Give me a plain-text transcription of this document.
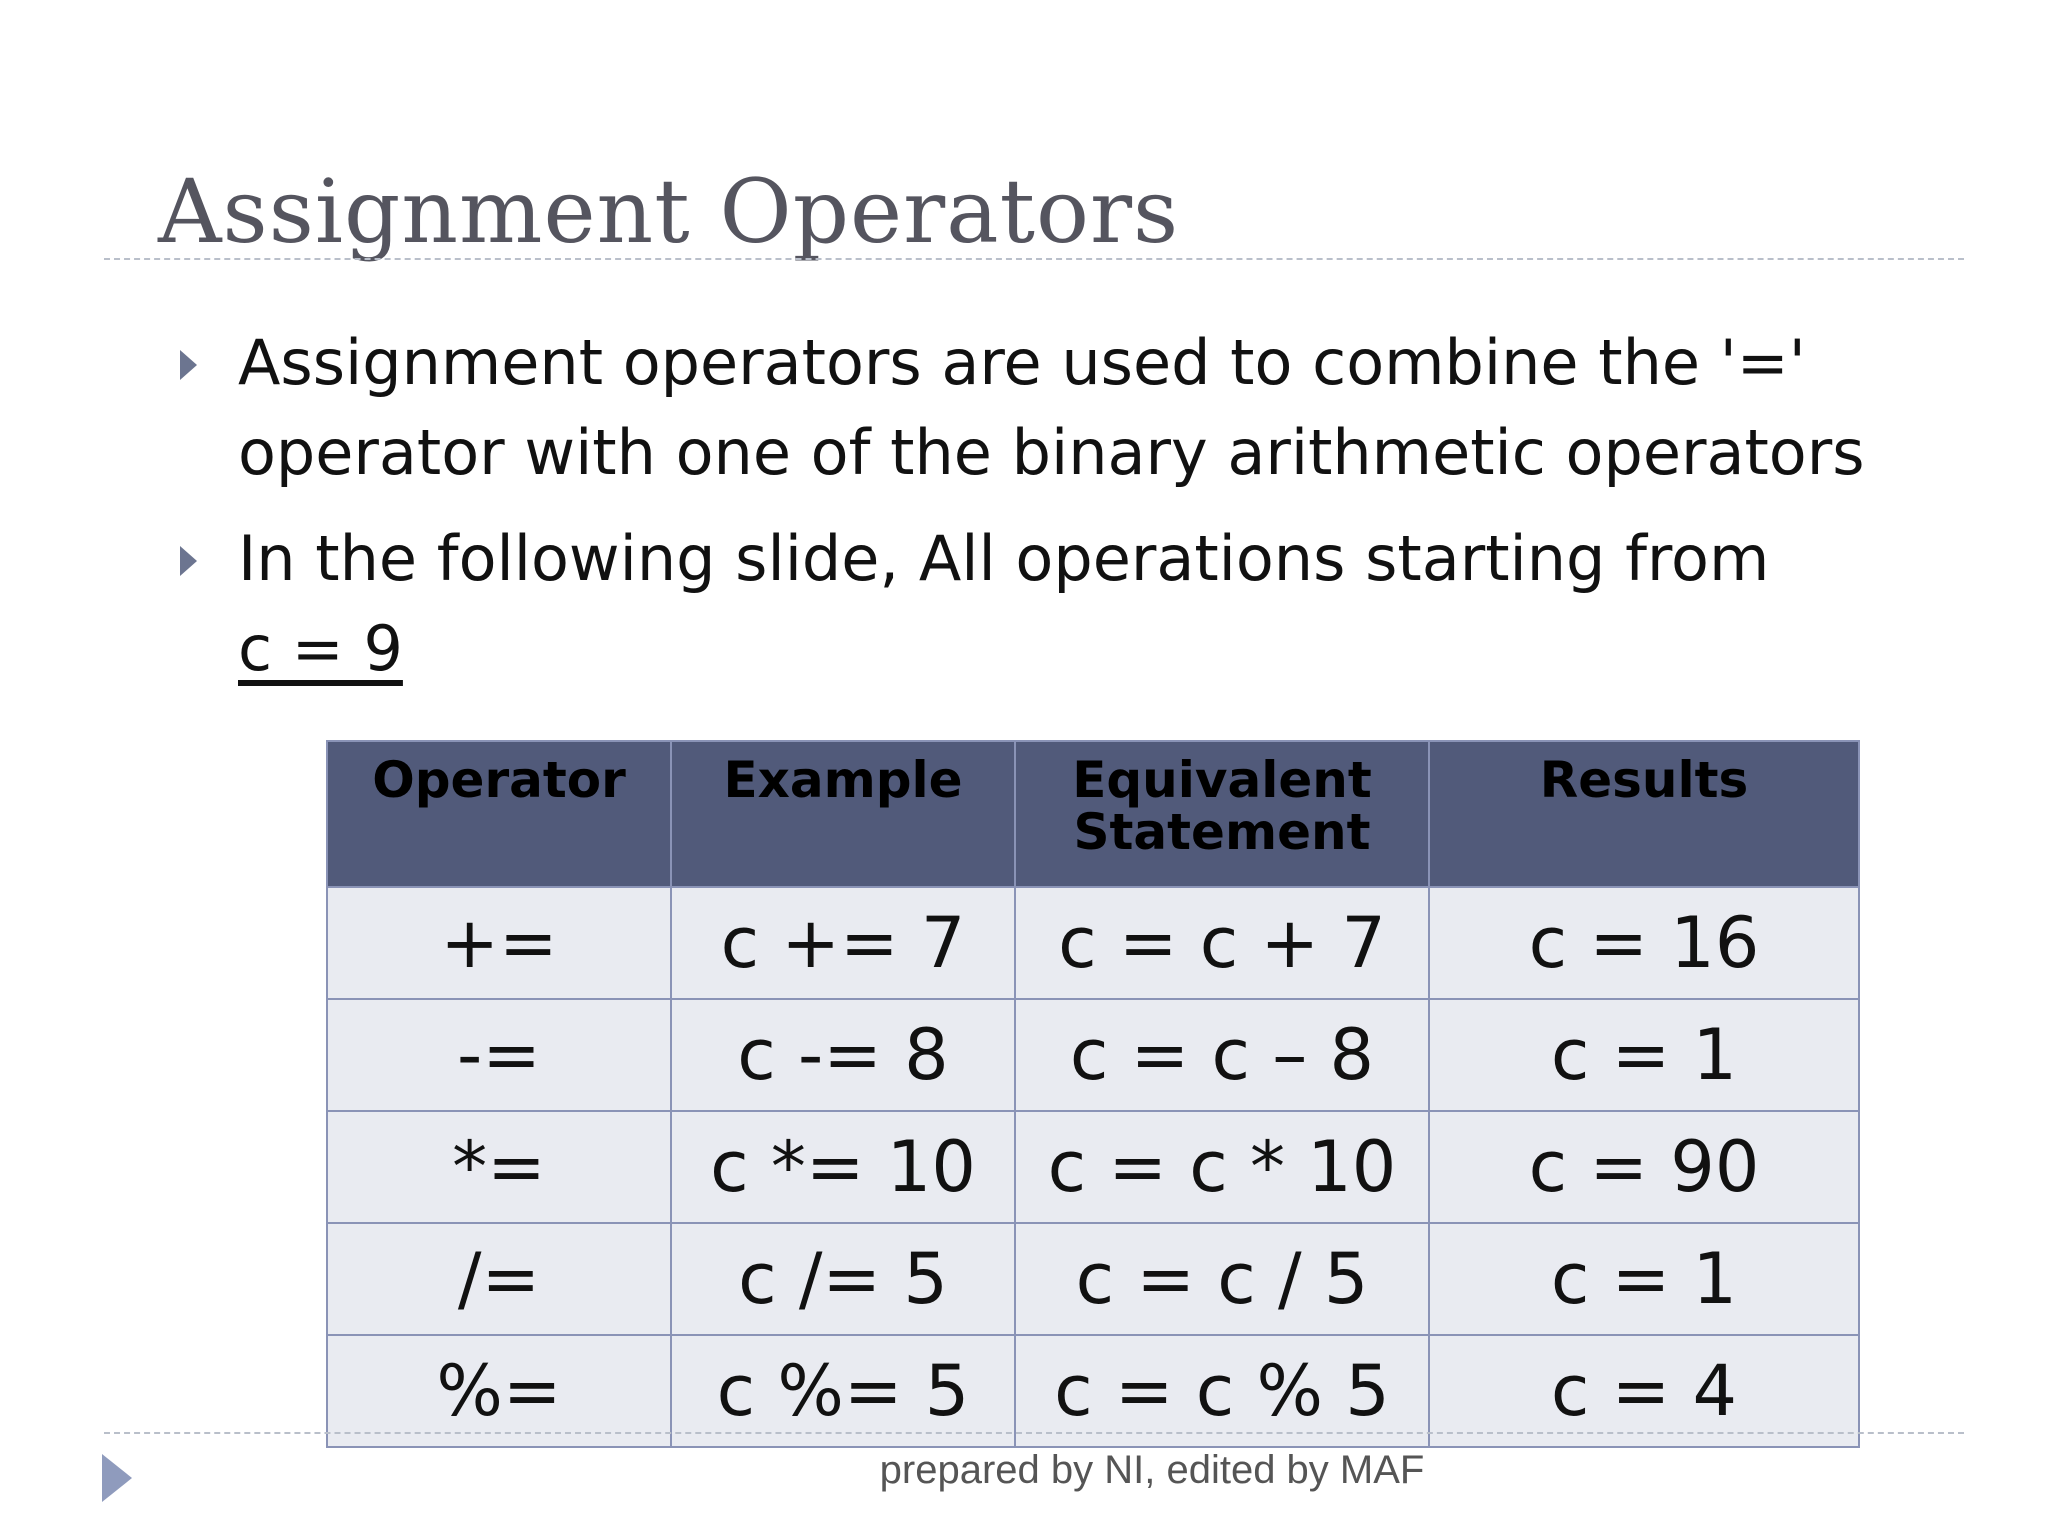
Assignment Operators
Assignment operators are used to combine the '=' operator with one of the binary arithmetic operators
In the following slide, All operations starting from
c = 9
Operator	Example	Equivalent Statement	Results
+=	c += 7	c = c + 7	c = 16
-=	c -= 8	c = c – 8	c = 1
*=	c *= 10	c = c * 10	c = 90
/=	c /= 5	c = c / 5	c = 1
%=	c %= 5	c = c % 5	c = 4
prepared by NI, edited by MAF
